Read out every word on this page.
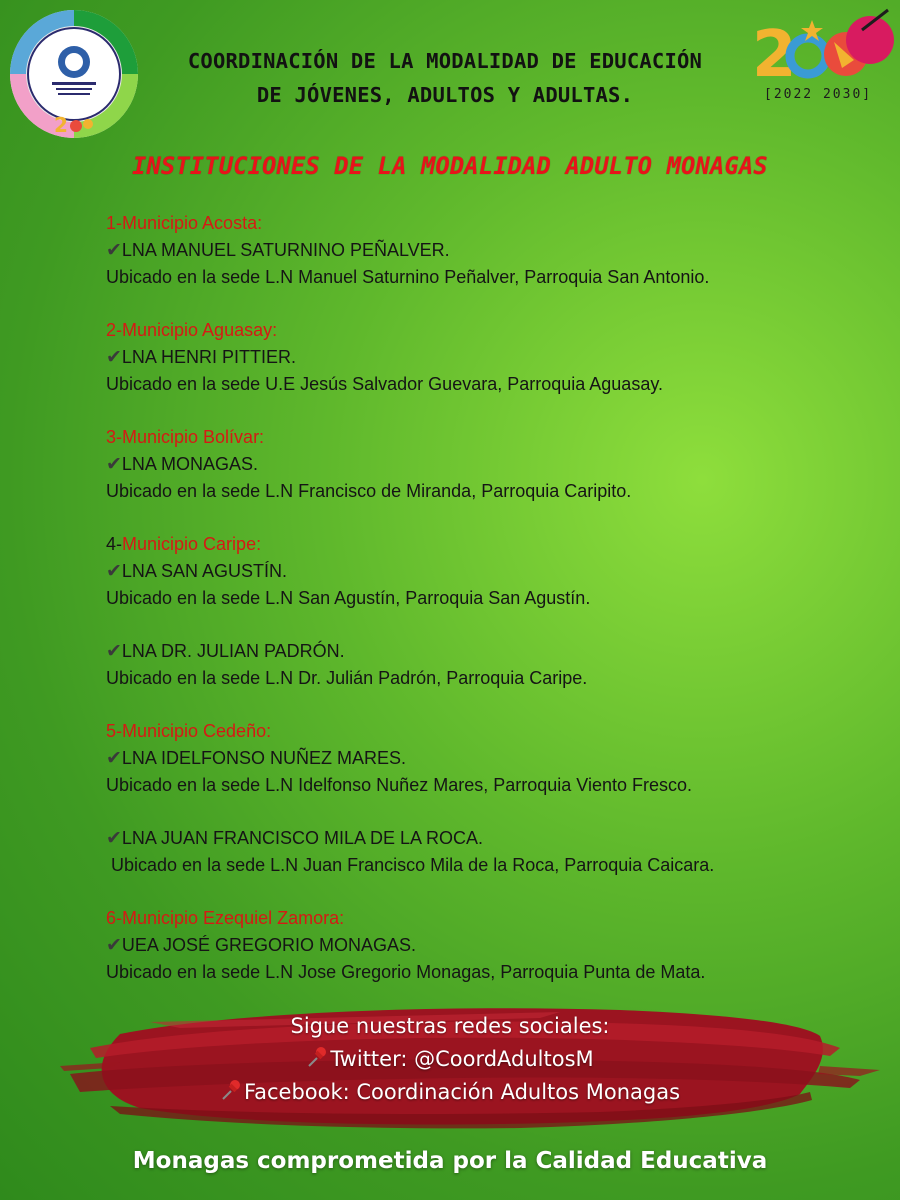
2
2
[2022 2030]
COORDINACIÓN DE LA MODALIDAD DE EDUCACIÓN
DE JÓVENES, ADULTOS Y ADULTAS.
INSTITUCIONES DE LA MODALIDAD ADULTO MONAGAS
1-Municipio Acosta:
✔LNA MANUEL SATURNINO PEÑALVER.
Ubicado en la sede L.N Manuel Saturnino Peñalver, Parroquia San Antonio.
2-Municipio Aguasay:
✔LNA HENRI PITTIER.
Ubicado en la sede U.E Jesús Salvador Guevara, Parroquia Aguasay.
3-Municipio Bolívar:
✔LNA MONAGAS.
Ubicado en la sede L.N Francisco de Miranda, Parroquia Caripito.
4-Municipio Caripe:
✔LNA SAN AGUSTÍN.
Ubicado en la sede L.N San Agustín, Parroquia San Agustín.
✔LNA DR. JULIAN PADRÓN.
Ubicado en la sede L.N Dr. Julián Padrón, Parroquia Caripe.
5-Municipio Cedeño:
✔LNA IDELFONSO NUÑEZ MARES.
Ubicado en la sede L.N Idelfonso Nuñez Mares, Parroquia Viento Fresco.
✔LNA JUAN FRANCISCO MILA DE LA ROCA.
Ubicado en la sede L.N Juan Francisco Mila de la Roca, Parroquia Caicara.
6-Municipio Ezequiel Zamora:
✔UEA JOSÉ GREGORIO MONAGAS.
Ubicado en la sede L.N Jose Gregorio Monagas, Parroquia Punta de Mata.
Sigue nuestras redes sociales:
Twitter: @CoordAdultosM
Facebook: Coordinación Adultos Monagas
Monagas comprometida por la Calidad Educativa
